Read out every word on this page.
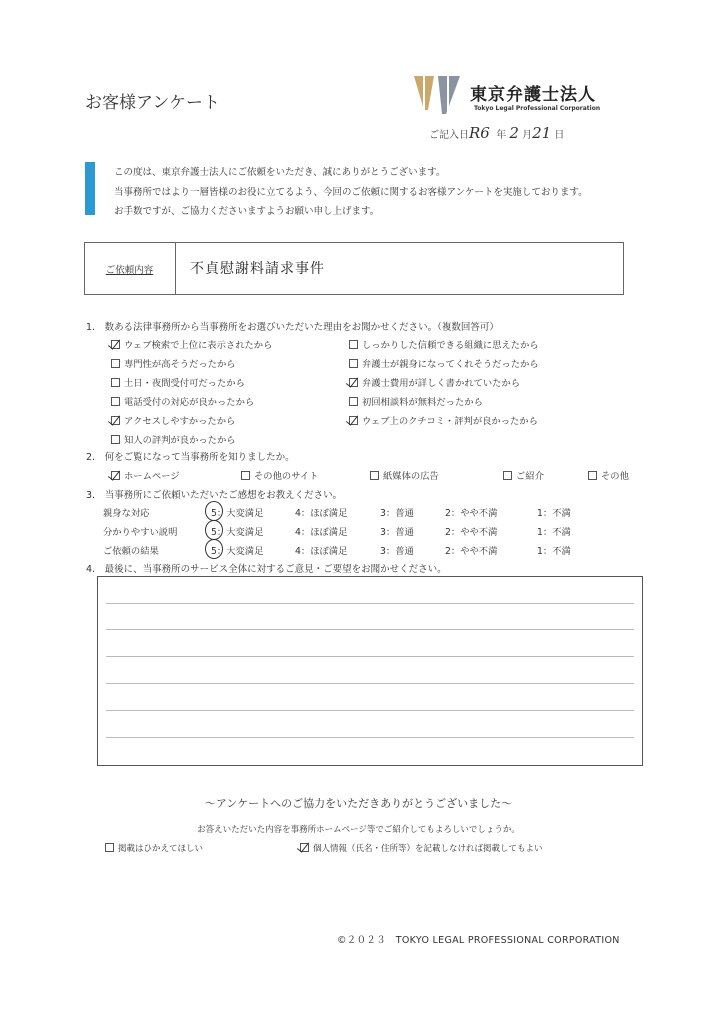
お客様アンケート	東京弁護士法人
Tokyo Legal Professional Corporation
ご記入日R6 年 2 月21 日
この度は、東京弁護士法人にご依頼をいただき、誠にありがとうございます。
当事務所ではより一層皆様のお役に立てるよう、今回のご依頼に関するお客様アンケートを実施しております。
お手数ですが、ご協力くださいますようお願い申し上げます。
ご依頼内容	不貞慰謝料請求事件
1.　数ある法律事務所から当事務所をお選びいただいた理由をお聞かせください。（複数回答可）
ウェブ検索で上位に表示されたから	しっかりした信頼できる組織に思えたから
専門性が高そうだったから	弁護士が親身になってくれそうだったから
土日・夜間受付可だったから	弁護士費用が詳しく書かれていたから
電話受付の対応が良かったから	初回相談料が無料だったから
アクセスしやすかったから	ウェブ上のクチコミ・評判が良かったから
知人の評判が良かったから
2.　何をご覧になって当事務所を知りましたか。
ホームページ	その他のサイト	紙媒体の広告	ご紹介	その他
3.　当事務所にご依頼いただいたご感想をお教えください。
親身な対応	5：大変満足	4：ほぼ満足	3：普通	2：やや不満	1：不満
分かりやすい説明	5：大変満足	4：ほぼ満足	3：普通	2：やや不満	1：不満
ご依頼の結果	5：大変満足	4：ほぼ満足	3：普通	2：やや不満	1：不満
4.　最後に、当事務所のサービス全体に対するご意見・ご要望をお聞かせください。
～アンケートへのご協力をいただきありがとうございました～
お答えいただいた内容を事務所ホームページ等でご紹介してもよろしいでしょうか。
掲載はひかえてほしい	個人情報（氏名・住所等）を記載しなければ掲載してもよい
©２０２３　TOKYO LEGAL PROFESSIONAL CORPORATION
